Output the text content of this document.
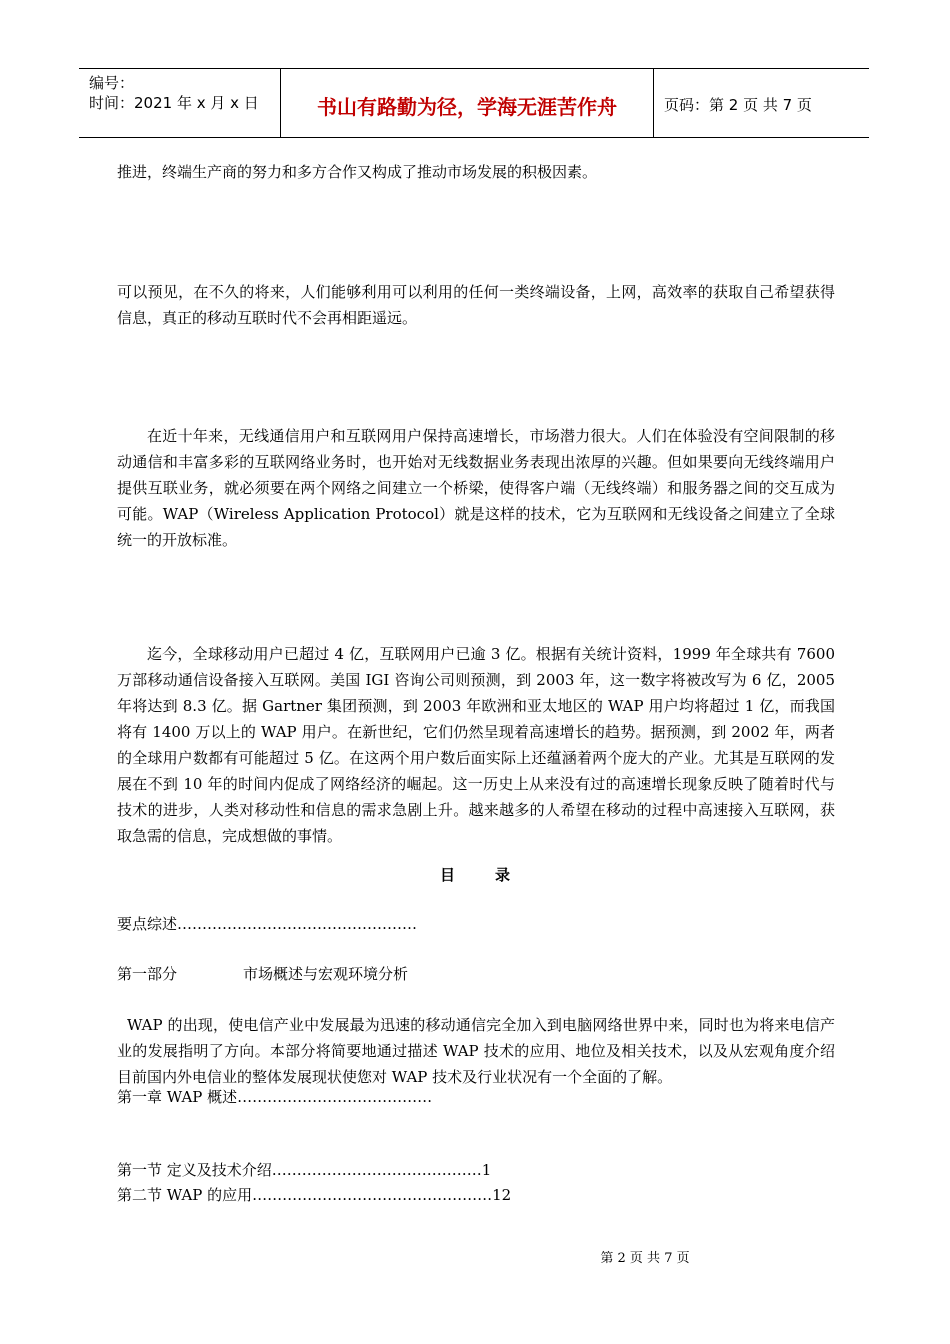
编号：
时间：2021 年 x 月 x 日	书山有路勤为径，学海无涯苦作舟	页码：第 2 页 共 7 页
推进，终端生产商的努力和多方合作又构成了推动市场发展的积极因素。
可以预见，在不久的将来，人们能够利用可以利用的任何一类终端设备，上网，高效率的获取自己希望获得信息，真正的移动互联时代不会再相距遥远。
在近十年来，无线通信用户和互联网用户保持高速增长，市场潜力很大。人们在体验没有空间限制的移动通信和丰富多彩的互联网络业务时，也开始对无线数据业务表现出浓厚的兴趣。但如果要向无线终端用户提供互联业务，就必须要在两个网络之间建立一个桥梁，使得客户端（无线终端）和服务器之间的交互成为可能。WAP（Wireless Application Protocol）就是这样的技术，它为互联网和无线设备之间建立了全球统一的开放标准。
迄今，全球移动用户已超过 4 亿，互联网用户已逾 3 亿。根据有关统计资料，1999 年全球共有 7600 万部移动通信设备接入互联网。美国 IGI 咨询公司则预测，到 2003 年，这一数字将被改写为 6 亿，2005 年将达到 8.3 亿。据 Gartner 集团预测，到 2003 年欧洲和亚太地区的 WAP 用户均将超过 1 亿，而我国将有 1400 万以上的 WAP 用户。在新世纪，它们仍然呈现着高速增长的趋势。据预测，到 2002 年，两者的全球用户数都有可能超过 5 亿。在这两个用户数后面实际上还蕴涵着两个庞大的产业。尤其是互联网的发展在不到 10 年的时间内促成了网络经济的崛起。这一历史上从来没有过的高速增长现象反映了随着时代与技术的进步，人类对移动性和信息的需求急剧上升。越来越多的人希望在移动的过程中高速接入互联网，获取急需的信息，完成想做的事情。
目录
要点综述…………………………………………
第一部分	市场概述与宏观环境分析
WAP 的出现，使电信产业中发展最为迅速的移动通信完全加入到电脑网络世界中来，同时也为将来电信产业的发展指明了方向。本部分将简要地通过描述 WAP 技术的应用、地位及相关技术，以及从宏观角度介绍目前国内外电信业的整体发展现状使您对 WAP 技术及行业状况有一个全面的了解。
第一章 WAP 概述…………………………………
第一节 定义及技术介绍……………………………………1
第二节 WAP 的应用…………………………………………12
第 2 页 共 7 页
